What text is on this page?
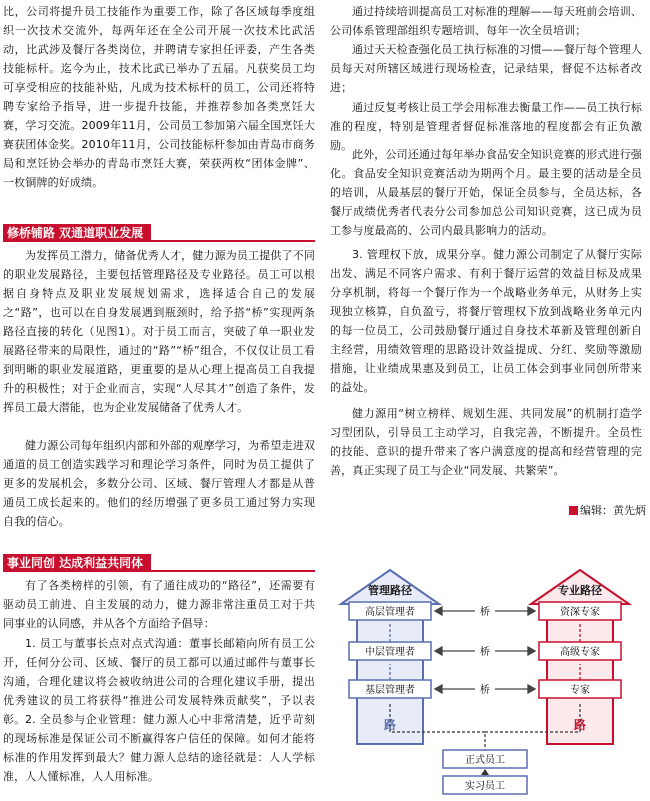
比，公司将提升员工技能作为重要工作，除了各区域每季度组织一次技术交流外，每两年还在全公司开展一次技术比武活动，比武涉及餐厅各类岗位，并聘请专家担任评委，产生各类技能标杆。迄今为止，技术比武已举办了五届。凡获奖员工均可享受相应的技能补贴，凡成为技术标杆的员工，公司还将特聘专家给予指导，进一步提升技能，并推荐参加各类烹饪大赛，学习交流。2009年11月，公司员工参加第六届全国烹饪大赛获团体金奖。2010年11月，公司技能标杆参加由青岛市商务局和烹饪协会举办的青岛市烹饪大赛，荣获两枚“团体金牌”、一枚铜牌的好成绩。

修桥铺路 双通道职业发展

为发挥员工潜力，储备优秀人才，健力源为员工提供了不同的职业发展路径，主要包括管理路径及专业路径。员工可以根据自身特点及职业发展规划需求，选择适合自己的发展之“路”，也可以在自身发展遇到瓶颈时，给予搭“桥”实现两条路径直接的转化（见图1）。对于员工而言，突破了单一职业发展路径带来的局限性，通过的“路”“桥”组合，不仅仅让员工看到明晰的职业发展道路，更重要的是从心理上提高员工自我提升的积极性；对于企业而言，实现“人尽其才”创造了条件，发挥员工最大潜能，也为企业发展储备了优秀人才。

健力源公司每年组织内部和外部的观摩学习，为希望走进双通道的员工创造实践学习和理论学习条件，同时为员工提供了更多的发展机会，多数分公司、区域、餐厅管理人才都是从普通员工成长起来的。他们的经历增强了更多员工通过努力实现自我的信心。

事业同创 达成利益共同体

有了各类榜样的引领，有了通往成功的“路径”，还需要有驱动员工前进、自主发展的动力，健力源非常注重员工对于共同事业的认同感，并从各个方面给予倡导：

1. 员工与董事长点对点式沟通：董事长邮箱向所有员工公开，任何分公司、区域、餐厅的员工都可以通过邮件与董事长沟通，合理化建议将会被收纳进公司的合理化建议手册，提出优秀建议的员工将获得“推进公司发展特殊贡献奖”，予以表彰。 2. 全员参与企业管理：健力源人心中非常清楚，近乎苛刻的现场标准是保证公司不断赢得客户信任的保障。如何才能将标准的作用发挥到最大？健力源人总结的途径就是：人人学标准，人人懂标准，人人用标准。

通过持续培训提高员工对标准的理解——每天班前会培训、公司体系管理部组织专题培训、每年一次全员培训；

通过天天检查强化员工执行标准的习惯——餐厅每个管理人员每天对所辖区域进行现场检查，记录结果，督促不达标者改进；

通过反复考核让员工学会用标准去衡量工作——员工执行标准的程度，特别是管理者督促标准落地的程度都会有正负激励。

此外，公司还通过每年举办食品安全知识竞赛的形式进行强化。食品安全知识竞赛活动为期两个月。最主要的活动是全员的培训，从最基层的餐厅开始，保证全员参与，全员达标，各餐厅成绩优秀者代表分公司参加总公司知识竞赛，这已成为员工参与度最高的、公司内最具影响力的活动。

3. 管理权下放，成果分享。健力源公司制定了从餐厅实际出发、满足不同客户需求、有利于餐厅运营的效益目标及成果分享机制，将每一个餐厅作为一个战略业务单元，从财务上实现独立核算，自负盈亏，将餐厅管理权下放到战略业务单元内的每一位员工，公司鼓励餐厅通过自身技术革新及管理创新自主经营，用绩效管理的思路设计效益提成、分红、奖励等激励措施，让业绩成果惠及到员工，让员工体会到事业同创所带来的益处。

健力源用“树立榜样、规划生涯、共同发展”的机制打造学习型团队，引导员工主动学习，自我完善，不断提升。全员性的技能、意识的提升带来了客户满意度的提高和经营管理的完善，真正实现了员工与企业“同发展、共繁荣”。

编辑：黄先炳
管理路径	专业路径
高层管理者	资深专家
中层管理者	高级专家
基层管理者	专家
桥
桥
桥
路	路
正式员工
实习员工
